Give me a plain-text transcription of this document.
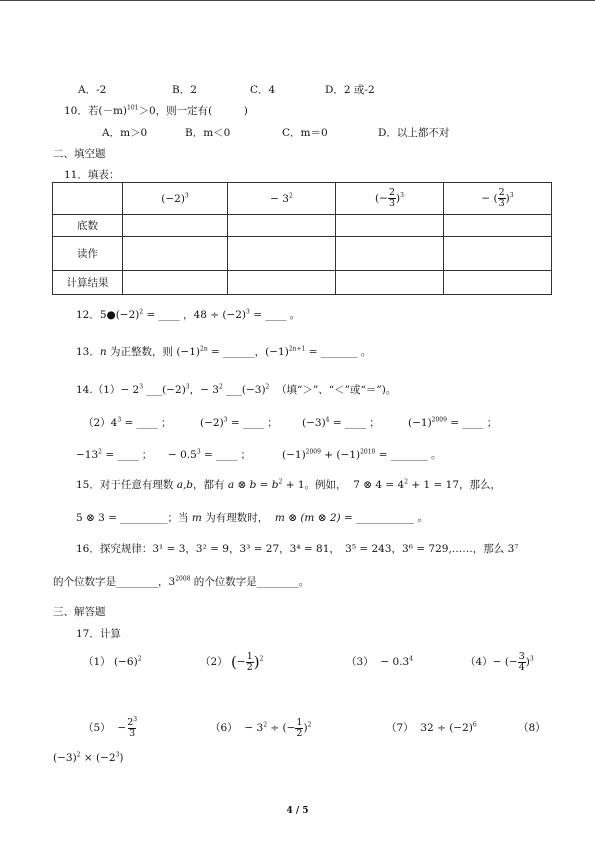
A．-2	B．2	C．4	D．2 或-2
10．若$(-m)^{101}>0$，则一定有(　　　)
A．m＞0	B．m＜0	C．m＝0	D．以上都不对
二、填空题
11．填表：
	$(-2)^3$	− $3^2$	(− $\frac{2}{3} )^3$	− ( $\frac{2}{3} )^3$
底数				
读作				
计算结果				
12．$5●(-2)^2$ = ____ ，$48 \div (-2)^3$ = ____ 。
13．n 为正整数，则 $(-1)^{2n}$ = ______，$(-1)^{2n+1}$ = _______ 。
$14.(1)- 2^3$ $\_\_\_(-2)^3$，− $3^2$ $\_\_\_(-3)^2$ （填“＞”、“＜”或“＝”)。
$(2)4^3$ = ____ ；	$(-2)^3$ = ____ ； $(-3)^4$ = ____ ；	$(-1)^{2009}$ = ____ ；
$-13^2$ = ____ ； − $0.5^3$ = ____ ；	$(-1)^{2009} + (-1)^{2010}$ = _______ 。
15．对于任意有理数 a,b，都有 a ⊗ $b = b^2 + 1$。例如， 7 ⊗ $4 = 4^2 + 1 = 17$，那么，
5 ⊗ 3 = _________；当 m 为有理数时， m ⊗ (m ⊗ 2) = ___________ 。
16．探究规律：3¹ = 3，3² = 9，3³ = 27，3⁴ = 81，　3⁵ = 243，3⁶ = 729,……，那么 3⁷
的个位数字是________，$3^{2008}$ 的个位数字是________。
三、解答题
17．计算
（1） $(-6)^2$	（2） (− $\frac{1}{2} )^2$	$(3) - 0.3^4$	（4）− (− $\frac{3}{4} )^3$
$(5) - \frac{2^3}{3}$	$(6) - 3^2$ ÷ (− $\frac{1}{2} )^2$	（7） $32 \div (-2)^6$	（8）
$(-3)^2 \times (-2^3)$
4 / 5
